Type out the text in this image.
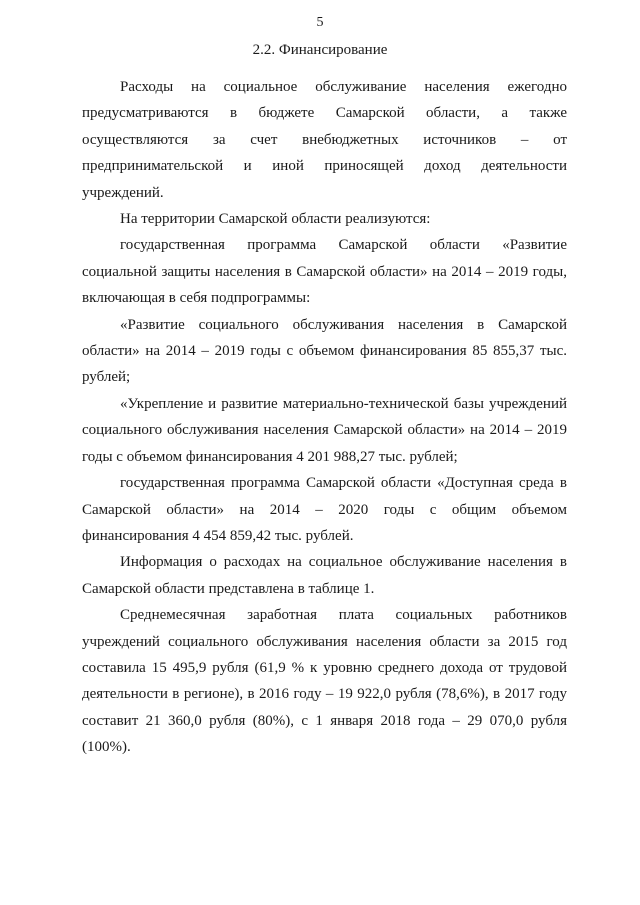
5
2.2. Финансирование

Расходы на социальное обслуживание населения ежегодно предусматриваются в бюджете Самарской области, а также осуществляются за счет внебюджетных источников – от предпринимательской и иной приносящей доход деятельности учреждений.

На территории Самарской области реализуются:

государственная программа Самарской области «Развитие социальной защиты населения в Самарской области» на 2014 – 2019 годы, включающая в себя подпрограммы:

«Развитие социального обслуживания населения в Самарской области» на 2014 – 2019 годы с объемом финансирования 85 855,37 тыс. рублей;

«Укрепление и развитие материально-технической базы учреждений социального обслуживания населения Самарской области» на 2014 – 2019 годы с объемом финансирования 4 201 988,27 тыс. рублей;

государственная программа Самарской области «Доступная среда в Самарской области» на 2014 – 2020 годы с общим объемом финансирования 4 454 859,42 тыс. рублей.

Информация о расходах на социальное обслуживание населения в Самарской области представлена в таблице 1.

Среднемесячная заработная плата социальных работников учреждений социального обслуживания населения области за 2015 год составила 15 495,9 рубля (61,9 % к уровню среднего дохода от трудовой деятельности в регионе), в 2016 году – 19 922,0 рубля (78,6%), в 2017 году составит 21 360,0 рубля (80%), с 1 января 2018 года – 29 070,0 рубля (100%).
